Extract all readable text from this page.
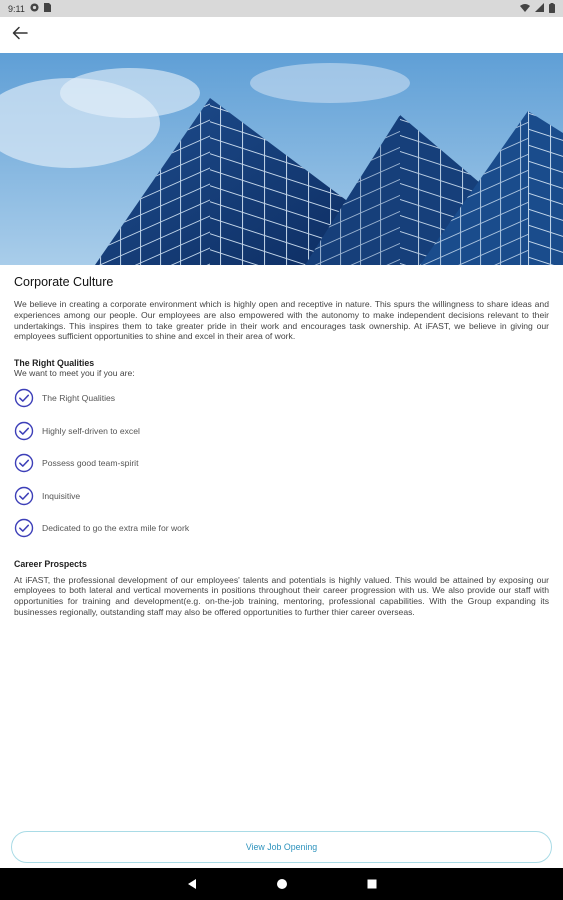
9:11
Corporate Culture

We believe in creating a corporate environment which is highly open and receptive in nature. This spurs the willingness to share ideas and experiences among our people. Our employees are also empowered with the autonomy to make independent decisions relevant to their undertakings. This inspires them to take greater pride in their work and encourages task ownership. At iFAST, we believe in giving our employees sufficient opportunities to shine and excel in their area of work.

The Right Qualities

We want to meet you if you are:

The Right Qualities
Highly self-driven to excel
Possess good team-spirit
Inquisitive
Dedicated to go the extra mile for work

Career Prospects

At iFAST, the professional development of our employees' talents and potentials is highly valued. This would be attained by exposing our employees to both lateral and vertical movements in positions throughout their career progression with us. We also provide our staff with opportunities for training and development(e.g. on-the-job training, mentoring, professional capabilities. With the Group expanding its businesses regionally, outstanding staff may also be offered opportunities to further thier career overseas.

View Job Opening
